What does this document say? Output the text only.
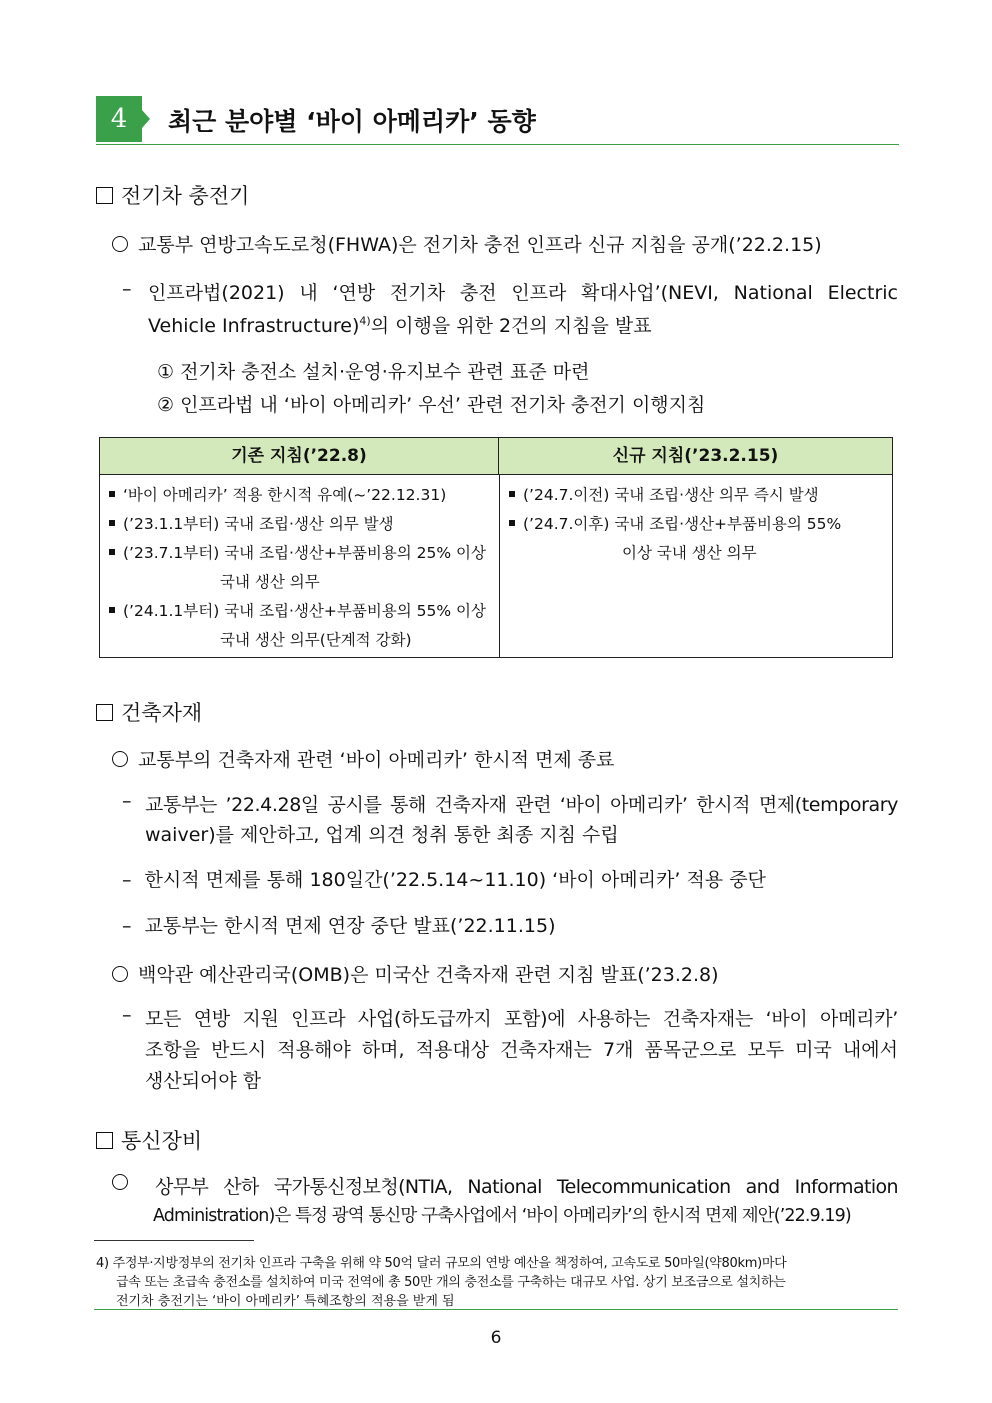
4	최근 분야별 ‘바이 아메리카’ 동향
전기차 충전기
교통부 연방고속도로청(FHWA)은 전기차 충전 인프라 신규 지침을 공개(’22.2.15)
– 인프라법(2021) 내 ‘연방 전기차 충전 인프라 확대사업’(NEVI, National Electric
Vehicle Infrastructure)$^{4)}$의 이행을 위한 2건의 지침을 발표
① 전기차 충전소 설치·운영·유지보수 관련 표준 마련
② 인프라법 내 ‘바이 아메리카’ 우선’ 관련 전기차 충전기 이행지침
기존 지침(’22.8)	신규 지침(’23.2.15)
‘바이 아메리카’ 적용 한시적 유예(~’22.12.31)
(’23.1.1부터) 국내 조립·생산 의무 발생
(’23.7.1부터) 국내 조립·생산+부품비용의 25% 이상
국내 생산 의무
(’24.1.1부터) 국내 조립·생산+부품비용의 55% 이상
국내 생산 의무(단계적 강화)
(’24.7.이전) 국내 조립·생산 의무 즉시 발생
(’24.7.이후) 국내 조립·생산+부품비용의 55%
이상 국내 생산 의무
건축자재
교통부의 건축자재 관련 ‘바이 아메리카’ 한시적 면제 종료
– 교통부는 ’22.4.28일 공시를 통해 건축자재 관련 ‘바이 아메리카’ 한시적 면제(temporary
waiver)를 제안하고, 업계 의견 청취 통한 최종 지침 수립
– 한시적 면제를 통해 180일간(’22.5.14~11.10) ‘바이 아메리카’ 적용 중단
– 교통부는 한시적 면제 연장 중단 발표(’22.11.15)
백악관 예산관리국(OMB)은 미국산 건축자재 관련 지침 발표(’23.2.8)
– 모든 연방 지원 인프라 사업(하도급까지 포함)에 사용하는 건축자재는 ‘바이 아메리카’
조항을 반드시 적용해야 하며, 적용대상 건축자재는 7개 품목군으로 모두 미국 내에서
생산되어야 함
통신장비
상무부 산하 국가통신정보청(NTIA, National Telecommunication and Information
Administration)은 특정 광역 통신망 구축사업에서 ‘바이 아메리카’의 한시적 면제 제안(’22.9.19)
4) 주정부·지방정부의 전기차 인프라 구축을 위해 약 50억 달러 규모의 연방 예산을 책정하여, 고속도로 50마일(약80km)마다
급속 또는 초급속 충전소를 설치하여 미국 전역에 총 50만 개의 충전소를 구축하는 대규모 사업. 상기 보조금으로 설치하는
전기차 충전기는 ‘바이 아메리카’ 특혜조항의 적용을 받게 됨
6
